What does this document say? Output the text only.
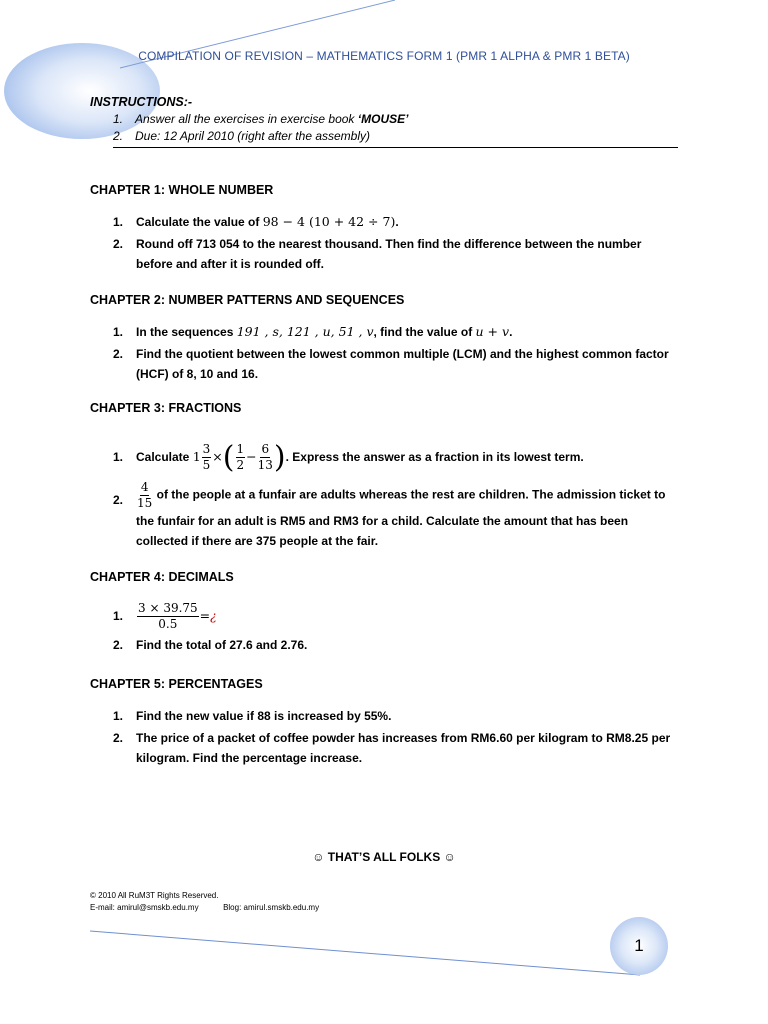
COMPILATION OF REVISION – MATHEMATICS FORM 1 (PMR 1 ALPHA & PMR 1 BETA)

INSTRUCTIONS:-

1. Answer all the exercises in exercise book ‘MOUSE’
2. Due: 12 April 2010 (right after the assembly)

CHAPTER 1: WHOLE NUMBER

1. Calculate the value of 98 − 4 (10 + 42 ÷ 7).
2. Round off 713 054 to the nearest thousand. Then find the difference between the number before and after it is rounded off.

CHAPTER 2: NUMBER PATTERNS AND SEQUENCES

1. In the sequences 191 , s, 121 , u, 51 , v, find the value of u + v.
2. Find the quotient between the lowest common multiple (LCM) and the highest common factor (HCF) of 8, 10 and 16.

CHAPTER 3: FRACTIONS

1. Calculate $1 \frac{3}{5}$ ×( $\frac{1}{2} - \frac{6}{13}$ ). Express the answer as a fraction in its lowest term.
2. $\frac{4}{15}$ of the people at a funfair are adults whereas the rest are children. The admission ticket to the funfair for an adult is RM5 and RM3 for a child. Calculate the amount that has been collected if there are 375 people at the fair.

CHAPTER 4: DECIMALS

1. $\frac{3 \times 39.75}{0.5}$ =¿
2. Find the total of 27.6 and 2.76.

CHAPTER 5: PERCENTAGES

1. Find the new value if 88 is increased by 55%.
2. The price of a packet of coffee powder has increases from RM6.60 per kilogram to RM8.25 per kilogram. Find the percentage increase.
☺ THAT’S ALL FOLKS ☺
© 2010 All RuM3T Rights Reserved.
E-mail: amirul@smskb.edu.my	Blog: amirul.smskb.edu.my
1
